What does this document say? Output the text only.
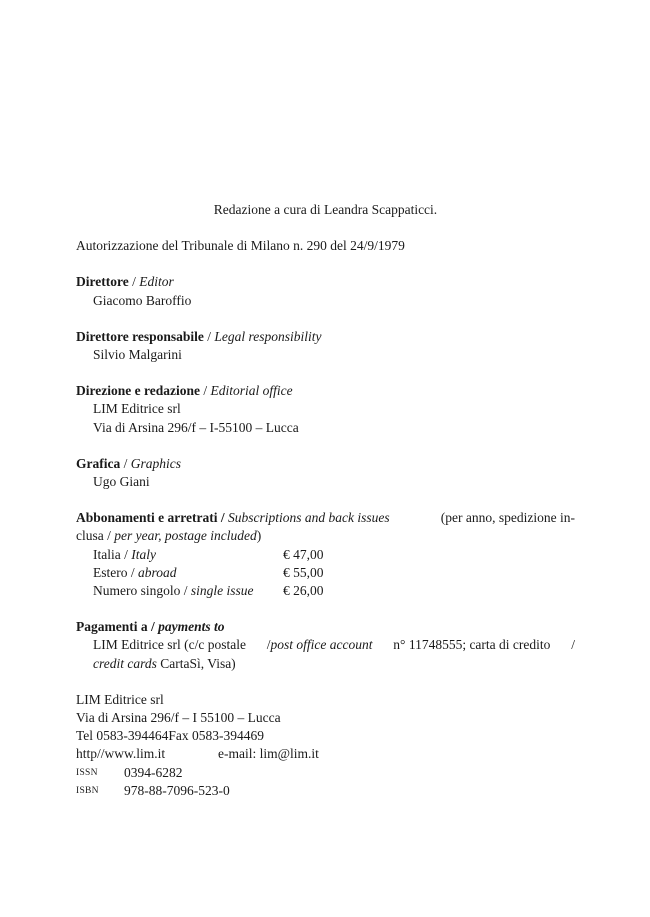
Redazione a cura di Leandra Scappaticci.

Autorizzazione del Tribunale di Milano n. 290 del 24/9/1979

Direttore / Editor

Giacomo Baroffio

Direttore responsabile / Legal responsibility

Silvio Malgarini

Direzione e redazione / Editorial office

LIM Editrice srl

Via di Arsina 296/f – I-55100 – Lucca

Grafica / Graphics

Ugo Giani

Abbonamenti e arretrati / Subscriptions and back issues	(per anno, spedizione in-

clusa / per year, postage included)

Italia / Italy	€ 47,00
Estero / abroad	€ 55,00
Numero singolo / single issue	€ 26,00

Pagamenti a / payments to

LIM Editrice srl (c/c postale /post office account n° 11748555; carta di credito /

credit cards CartaSì, Visa)

LIM Editrice srl

Via di Arsina 296/f – I 55100 – Lucca

Tel 0583-394464Fax 0583-394469

http//www.lim.it	e-mail: lim@lim.it

ISSN	0394-6282
ISBN	978-88-7096-523-0
